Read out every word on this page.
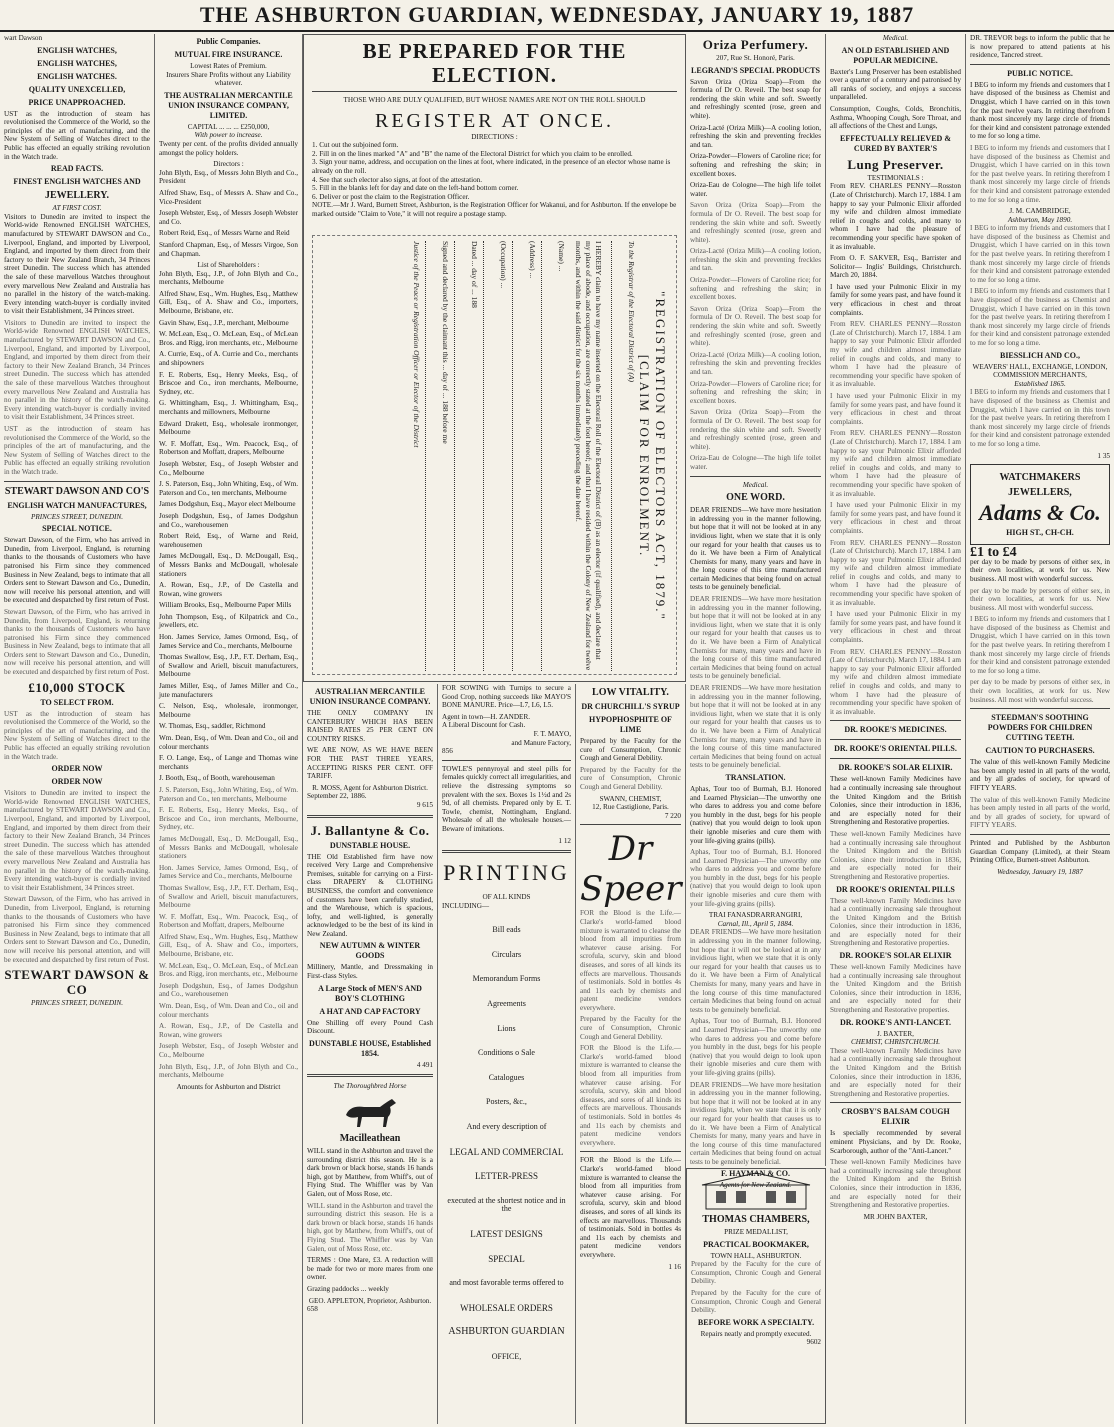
THE ASHBURTON GUARDIAN, WEDNESDAY, JANUARY 19, 1887
wart Dawson
ENGLISH WATCHES,
ENGLISH WATCHES,
ENGLISH WATCHES.
QUALITY UNEXCELLED,
PRICE UNAPPROACHED.

UST as the introduction of steam has revolutionised the Commerce of the World, so the principles of the art of manufacturing, and the New System of Selling of Watches direct to the Public has effected an equally striking revolution in the Watch trade.

READ FACTS.
FINEST ENGLISH WATCHES AND
JEWELLERY.
AT FIRST COST.

Visitors to Dunedin are invited to inspect the World-wide Renowned ENGLISH WATCHES, manufactured by STEWART DAWSON and Co., Liverpool, England, and imported by Liverpool, England, and imported by them direct from their factory to their New Zealand Branch, 34 Princes street Dunedin. The success which has attended the sale of these marvellous Watches throughout every marvellous New Zealand and Australia has no parallel in the history of the watch-making. Every intending watch-buyer is cordially invited to visit their Establishment, 34 Princes street.

Visitors to Dunedin are invited to inspect the World-wide Renowned ENGLISH WATCHES, manufactured by STEWART DAWSON and Co., Liverpool, England, and imported by Liverpool, England, and imported by them direct from their factory to their New Zealand Branch, 34 Princes street Dunedin. The success which has attended the sale of these marvellous Watches throughout every marvellous New Zealand and Australia has no parallel in the history of the watch-making. Every intending watch-buyer is cordially invited to visit their Establishment, 34 Princes street.

UST as the introduction of steam has revolutionised the Commerce of the World, so the principles of the art of manufacturing, and the New System of Selling of Watches direct to the Public has effected an equally striking revolution in the Watch trade.

STEWART DAWSON AND CO'S
ENGLISH WATCH MANUFACTURES,
PRINCES STREET, DUNEDIN.
SPECIAL NOTICE.

Stewart Dawson, of the Firm, who has arrived in Dunedin, from Liverpool, England, is returning thanks to the thousands of Customers who have patronised his Firm since they commenced Business in New Zealand, begs to intimate that all Orders sent to Stewart Dawson and Co., Dunedin, now will receive his personal attention, and will be executed and despatched by first return of Post.

Stewart Dawson, of the Firm, who has arrived in Dunedin, from Liverpool, England, is returning thanks to the thousands of Customers who have patronised his Firm since they commenced Business in New Zealand, begs to intimate that all Orders sent to Stewart Dawson and Co., Dunedin, now will receive his personal attention, and will be executed and despatched by first return of Post.

£10,000 STOCK
TO SELECT FROM.

UST as the introduction of steam has revolutionised the Commerce of the World, so the principles of the art of manufacturing, and the New System of Selling of Watches direct to the Public has effected an equally striking revolution in the Watch trade.

ORDER NOW
ORDER NOW

Visitors to Dunedin are invited to inspect the World-wide Renowned ENGLISH WATCHES, manufactured by STEWART DAWSON and Co., Liverpool, England, and imported by Liverpool, England, and imported by them direct from their factory to their New Zealand Branch, 34 Princes street Dunedin. The success which has attended the sale of these marvellous Watches throughout every marvellous New Zealand and Australia has no parallel in the history of the watch-making. Every intending watch-buyer is cordially invited to visit their Establishment, 34 Princes street.

Stewart Dawson, of the Firm, who has arrived in Dunedin, from Liverpool, England, is returning thanks to the thousands of Customers who have patronised his Firm since they commenced Business in New Zealand, begs to intimate that all Orders sent to Stewart Dawson and Co., Dunedin, now will receive his personal attention, and will be executed and despatched by first return of Post.

STEWART DAWSON & CO
PRINCES STREET, DUNEDIN.
Public Companies.
MUTUAL FIRE INSURANCE.
Lowest Rates of Premium.
Insurers Share Profits without any Liability whatever.
THE AUSTRALIAN MERCANTILE UNION INSURANCE COMPANY, LIMITED.
CAPITAL ... ... ... £250,000,
With power to increase.

Twenty per cent. of the profits divided annually amongst the policy holders.

Directors :

John Blyth, Esq., of Messrs John Blyth and Co., President

Alfred Shaw, Esq., of Messrs A. Shaw and Co., Vice-President

Joseph Webster, Esq., of Messrs Joseph Webster and Co.

Robert Reid, Esq., of Messrs Warne and Reid

Stanford Chapman, Esq., of Messrs Virgoe, Son and Chapman.

List of Shareholders :

John Blyth, Esq., J.P., of John Blyth and Co., merchants, Melbourne

Alfred Shaw, Esq., Wm. Hughes, Esq., Matthew Gill, Esq., of A. Shaw and Co., importers, Melbourne, Brisbane, etc.

Gavin Shaw, Esq., J.P., merchant, Melbourne

W. McLean, Esq., O. McLean, Esq., of McLean Bros. and Rigg, iron merchants, etc., Melbourne

A. Currie, Esq., of A. Currie and Co., merchants and shipowners

F. E. Roberts, Esq., Henry Meeks, Esq., of Briscoe and Co., iron merchants, Melbourne, Sydney, etc.

G. Whittingham, Esq., J. Whittingham, Esq., merchants and millowners, Melbourne

Edward Drakett, Esq., wholesale ironmonger, Melbourne

W. F. Moffatt, Esq., Wm. Peacock, Esq., of Robertson and Moffatt, drapers, Melbourne

Joseph Webster, Esq., of Joseph Webster and Co., Melbourne

J. S. Paterson, Esq., John Whiting, Esq., of Wm. Paterson and Co., ten merchants, Melbourne

James Dodgshun, Esq., Mayor elect Melbourne

Joseph Dodgshun, Esq., of James Dodgshun and Co., warehousemen

Robert Reid, Esq., of Warne and Reid, warehousemen

James McDougall, Esq., D. McDougall, Esq., of Messrs Banks and McDougall, wholesale stationers

A. Rowan, Esq., J.P., of De Castella and Rowan, wine growers

William Brooks, Esq., Melbourne Paper Mills

John Thompson, Esq., of Kilpatrick and Co., jewellers, etc.

Hon. James Service, James Ormond, Esq., of James Service and Co., merchants, Melbourne

Thomas Swallow, Esq., J.P., F.T. Derham, Esq., of Swallow and Ariell, biscuit manufacturers, Melbourne

James Miller, Esq., of James Miller and Co., jute manufacturers

C. Nelson, Esq., wholesale, ironmonger, Melbourne

W. Thomas, Esq., saddler, Richmond

Wm. Dean, Esq., of Wm. Dean and Co., oil and colour merchants

F. O. Lange, Esq., of Lange and Thomas wine merchants

J. Booth, Esq., of Booth, warehouseman

J. S. Paterson, Esq., John Whiting, Esq., of Wm. Paterson and Co., ten merchants, Melbourne

F. E. Roberts, Esq., Henry Meeks, Esq., of Briscoe and Co., iron merchants, Melbourne, Sydney, etc.

James McDougall, Esq., D. McDougall, Esq., of Messrs Banks and McDougall, wholesale stationers

Hon. James Service, James Ormond, Esq., of James Service and Co., merchants, Melbourne

Thomas Swallow, Esq., J.P., F.T. Derham, Esq., of Swallow and Ariell, biscuit manufacturers, Melbourne

W. F. Moffatt, Esq., Wm. Peacock, Esq., of Robertson and Moffatt, drapers, Melbourne

Alfred Shaw, Esq., Wm. Hughes, Esq., Matthew Gill, Esq., of A. Shaw and Co., importers, Melbourne, Brisbane, etc.

W. McLean, Esq., O. McLean, Esq., of McLean Bros. and Rigg, iron merchants, etc., Melbourne

Joseph Dodgshun, Esq., of James Dodgshun and Co., warehousemen

Wm. Dean, Esq., of Wm. Dean and Co., oil and colour merchants

A. Rowan, Esq., J.P., of De Castella and Rowan, wine growers

Joseph Webster, Esq., of Joseph Webster and Co., Melbourne

John Blyth, Esq., J.P., of John Blyth and Co., merchants, Melbourne

Amounts for Ashburton and District
BE PREPARED FOR THE ELECTION.
THOSE WHO ARE DULY QUALIFIED, BUT WHOSE NAMES ARE NOT ON THE ROLL SHOULD
REGISTER AT ONCE.
DIRECTIONS :
1. Cut out the subjoined form.
2. Fill in on the lines marked "A" and "B" the name of the Electoral District for which you claim to be enrolled.
3. Sign your name, address, and occupation on the lines at foot, where indicated, in the presence of an elector whose name is already on the roll.
4. See that such elector also signs, at foot of the attestation.
5. Fill in the blanks left for day and date on the left-hand bottom corner.
6. Deliver or post the claim to the Registration Officer.
NOTE.—Mr J. Ward, Burnett Street, Ashburton, is the Registration Officer for Wakanui, and for Ashburton. If the envelope be marked outside "Claim to Vote," it will not require a postage stamp.
"REGISTRATION OF ELECTORS ACT, 1879."
[CLAIM FOR ENROLMENT.
To the Registrar of the Electoral District of (A)

I HEREBY claim to have my name inserted on the Electoral Roll of the Electoral District of (B) as an elector (if qualified), and declare that my place of abode, and occupation, are correctly stated at the foot hereof; and that I have resided within the Colony of New Zealand for twelve months, and within the said district for the six months immediately preceding the date hereof.

(Name) ...
(Address) ...
(Occupation) ...
Dated ... day of ... 188
Signed and declared by the claimant this ... day of ... 188 before me
Justice of the Peace or Registration Officer or Elector of the District
AUSTRALIAN MERCANTILE UNION INSURANCE COMPANY.

THE ONLY COMPANY IN CANTERBURY WHICH HAS BEEN RAISED RATES 25 PER CENT ON COUNTRY RISKS.

WE ARE NOW, AS WE HAVE BEEN FOR THE PAST THREE YEARS, ACCEPTING RISKS PER CENT. OFF TARIFF.

R. MOSS, Agent for Ashburton District.
September 22, 1886.
9 615
J. Ballantyne & Co.
DUNSTABLE HOUSE.

THE Old Established firm have now received Very Large and Comprehensive Premises, suitable for carrying on a First-class DRAPERY & CLOTHING BUSINESS, the comfort and convenience of customers have been carefully studied, and the Warehouse, which is spacious, lofty, and well-lighted, is generally acknowledged to be the best of its kind in New Zealand.

NEW AUTUMN & WINTER GOODS

Millinery, Mantle, and Dressmaking in First-class Styles.

A Large Stock of MEN'S AND BOY'S CLOTHING
A HAT AND CAP FACTORY

One Shilling off every Pound Cash Discount.

DUNSTABLE HOUSE, Established 1854.
4 491
The Thoroughbred Horse
Macilleathean

WILL stand in the Ashburton and travel the surrounding district this season. He is a dark brown or black horse, stands 16 hands high, got by Matthew, from Whiff's, out of Flying Stud. The Whiffler was by Van Galen, out of Moss Rose, etc.

WILL stand in the Ashburton and travel the surrounding district this season. He is a dark brown or black horse, stands 16 hands high, got by Matthew, from Whiff's, out of Flying Stud. The Whiffler was by Van Galen, out of Moss Rose, etc.

TERMS : One Mare, £3. A reduction will be made for two or more mares from one owner.

Grazing paddocks ... weekly

GEO. APPLETON, Proprietor, Ashburton.
658

FOR SOWING with Turnips to secure a Good Crop, nothing succeeds like MAYO'S BONE MANURE. Price—L7, L6, L5.

Agent in town—H. ZANDER.
A Liberal Discount for Cash.
F. T. MAYO,
and Manure Factory,
856

TOWLE'S pennyroyal and steel pills for females quickly correct all irregularities, and relieve the distressing symptoms so prevalent with the sex. Boxes 1s 1½d and 2s 9d, of all chemists. Prepared only by E. T. Towle, chemist, Nottingham, England. Wholesale of all the wholesale houses.—Beware of imitations.

1 12
PRINTING
OF ALL KINDS
INCLUDING—
Bill eads
Circulars
Memorandum Forms
Agreements
Lions
Conditions o Sale
Catalogues
Posters, &c.,
And every description of
LEGAL AND COMMERCIAL
LETTER-PRESS
executed at the shortest notice and in the
LATEST DESIGNS
SPECIAL
and most favorable terms offered to
WHOLESALE ORDERS
ASHBURTON GUARDIAN
OFFICE,
LOW VITALITY.
DR CHURCHILL'S SYRUP
HYPOPHOSPHITE OF LIME

Prepared by the Faculty for the cure of Consumption, Chronic Cough and General Debility.

Prepared by the Faculty for the cure of Consumption, Chronic Cough and General Debility.

SWANN, CHEMIST,
12, Rue Castiglione, Paris.
7 220
Dr Speer

FOR the Blood is the Life.—Clarke's world-famed blood mixture is warranted to cleanse the blood from all impurities from whatever cause arising. For scrofula, scurvy, skin and blood diseases, and sores of all kinds its effects are marvellous. Thousands of testimonials. Sold in bottles 4s and 11s each by chemists and patent medicine vendors everywhere.

Prepared by the Faculty for the cure of Consumption, Chronic Cough and General Debility.

FOR the Blood is the Life.—Clarke's world-famed blood mixture is warranted to cleanse the blood from all impurities from whatever cause arising. For scrofula, scurvy, skin and blood diseases, and sores of all kinds its effects are marvellous. Thousands of testimonials. Sold in bottles 4s and 11s each by chemists and patent medicine vendors everywhere.

FOR the Blood is the Life.—Clarke's world-famed blood mixture is warranted to cleanse the blood from all impurities from whatever cause arising. For scrofula, scurvy, skin and blood diseases, and sores of all kinds its effects are marvellous. Thousands of testimonials. Sold in bottles 4s and 11s each by chemists and patent medicine vendors everywhere.

1 16
THOMAS CHAMBERS,
PRIZE MEDALLIST,
PRACTICAL BOOKMAKER,
TOWN HALL, ASHBURTON.

Prepared by the Faculty for the cure of Consumption, Chronic Cough and General Debility.

Prepared by the Faculty for the cure of Consumption, Chronic Cough and General Debility.

BEFORE WORK A SPECIALTY.
Repairs neatly and promptly executed.
9602
Oriza Perfumery.
207, Rue St. Honoré, Paris.
LEGRAND'S SPECIAL PRODUCTS

Savon Oriza (Oriza Soap)—From the formula of Dr O. Reveil. The best soap for rendering the skin white and soft. Sweetly and refreshingly scented (rose, green and white).

Oriza-Lacté (Oriza Milk)—A cooling lotion, refreshing the skin and preventing freckles and tan.

Oriza-Powder—Flowers of Caroline rice; for softening and refreshing the skin; in excellent boxes.

Oriza-Eau de Cologne—The high life toilet water.

Savon Oriza (Oriza Soap)—From the formula of Dr O. Reveil. The best soap for rendering the skin white and soft. Sweetly and refreshingly scented (rose, green and white).

Oriza-Lacté (Oriza Milk)—A cooling lotion, refreshing the skin and preventing freckles and tan.

Oriza-Powder—Flowers of Caroline rice; for softening and refreshing the skin; in excellent boxes.

Savon Oriza (Oriza Soap)—From the formula of Dr O. Reveil. The best soap for rendering the skin white and soft. Sweetly and refreshingly scented (rose, green and white).

Oriza-Lacté (Oriza Milk)—A cooling lotion, refreshing the skin and preventing freckles and tan.

Oriza-Powder—Flowers of Caroline rice; for softening and refreshing the skin; in excellent boxes.

Savon Oriza (Oriza Soap)—From the formula of Dr O. Reveil. The best soap for rendering the skin white and soft. Sweetly and refreshingly scented (rose, green and white).

Oriza-Eau de Cologne—The high life toilet water.

Medical.
ONE WORD.

DEAR FRIENDS—We have more hesitation in addressing you in the manner following, but hope that it will not be looked at in any invidious light, when we state that it is only our regard for your health that causes us to do it. We have been a Firm of Analytical Chemists for many, many years and have in the long course of this time manufactured certain Medicines that being found on actual tests to be genuinely beneficial.

DEAR FRIENDS—We have more hesitation in addressing you in the manner following, but hope that it will not be looked at in any invidious light, when we state that it is only our regard for your health that causes us to do it. We have been a Firm of Analytical Chemists for many, many years and have in the long course of this time manufactured certain Medicines that being found on actual tests to be genuinely beneficial.

DEAR FRIENDS—We have more hesitation in addressing you in the manner following, but hope that it will not be looked at in any invidious light, when we state that it is only our regard for your health that causes us to do it. We have been a Firm of Analytical Chemists for many, many years and have in the long course of this time manufactured certain Medicines that being found on actual tests to be genuinely beneficial.

TRANSLATION.

Aphas, Tour too of Burmah, B.I. Honored and Learned Physician—The unworthy one who dares to address you and come before you humbly in the dust, begs for his people (native) that you would deign to look upon their ignoble miseries and cure them with your life-giving grains (pills).

Aphas, Tour too of Burmah, B.I. Honored and Learned Physician—The unworthy one who dares to address you and come before you humbly in the dust, begs for his people (native) that you would deign to look upon their ignoble miseries and cure them with your life-giving grains (pills).

TRAI FANASDRARRANGIRI,
Carnal, Ill., April 5, 1884.

DEAR FRIENDS—We have more hesitation in addressing you in the manner following, but hope that it will not be looked at in any invidious light, when we state that it is only our regard for your health that causes us to do it. We have been a Firm of Analytical Chemists for many, many years and have in the long course of this time manufactured certain Medicines that being found on actual tests to be genuinely beneficial.

Aphas, Tour too of Burmah, B.I. Honored and Learned Physician—The unworthy one who dares to address you and come before you humbly in the dust, begs for his people (native) that you would deign to look upon their ignoble miseries and cure them with your life-giving grains (pills).

DEAR FRIENDS—We have more hesitation in addressing you in the manner following, but hope that it will not be looked at in any invidious light, when we state that it is only our regard for your health that causes us to do it. We have been a Firm of Analytical Chemists for many, many years and have in the long course of this time manufactured certain Medicines that being found on actual tests to be genuinely beneficial.

F. HAYMAN & CO.
Agents for New Zealand.
Medical.
AN OLD ESTABLISHED AND POPULAR MEDICINE.

Baxter's Lung Preserver has been established over a quarter of a century and patronised by all ranks of society, and enjoys a success unparalleled.

Consumption, Coughs, Colds, Bronchitis, Asthma, Whooping Cough, Sore Throat, and all affections of the Chest and Lungs,

EFFECTUALLY RELIEVED & CURED BY BAXTER'S
Lung Preserver.
TESTIMONIALS :

From REV. CHARLES PENNY—Rosston (Late of Christchurch). March 17, 1884. I am happy to say your Pulmonic Elixir afforded my wife and children almost immediate relief in coughs and colds, and many to whom I have had the pleasure of recommending your specific have spoken of it as invaluable.

From O. F. SAKVER, Esq., Barrister and Solicitor— Inglis' Buildings, Christchurch. March 20, 1884.

I have used your Pulmonic Elixir in my family for some years past, and have found it very efficacious in chest and throat complaints.

From REV. CHARLES PENNY—Rosston (Late of Christchurch). March 17, 1884. I am happy to say your Pulmonic Elixir afforded my wife and children almost immediate relief in coughs and colds, and many to whom I have had the pleasure of recommending your specific have spoken of it as invaluable.

I have used your Pulmonic Elixir in my family for some years past, and have found it very efficacious in chest and throat complaints.

From REV. CHARLES PENNY—Rosston (Late of Christchurch). March 17, 1884. I am happy to say your Pulmonic Elixir afforded my wife and children almost immediate relief in coughs and colds, and many to whom I have had the pleasure of recommending your specific have spoken of it as invaluable.

I have used your Pulmonic Elixir in my family for some years past, and have found it very efficacious in chest and throat complaints.

From REV. CHARLES PENNY—Rosston (Late of Christchurch). March 17, 1884. I am happy to say your Pulmonic Elixir afforded my wife and children almost immediate relief in coughs and colds, and many to whom I have had the pleasure of recommending your specific have spoken of it as invaluable.

I have used your Pulmonic Elixir in my family for some years past, and have found it very efficacious in chest and throat complaints.

From REV. CHARLES PENNY—Rosston (Late of Christchurch). March 17, 1884. I am happy to say your Pulmonic Elixir afforded my wife and children almost immediate relief in coughs and colds, and many to whom I have had the pleasure of recommending your specific have spoken of it as invaluable.

DR. ROOKE'S MEDICINES.
DR. ROOKE'S ORIENTAL PILLS.
DR. ROOKE'S SOLAR ELIXIR.

These well-known Family Medicines have had a continually increasing sale throughout the United Kingdom and the British Colonies, since their introduction in 1836, and are especially noted for their Strengthening and Restorative properties.

These well-known Family Medicines have had a continually increasing sale throughout the United Kingdom and the British Colonies, since their introduction in 1836, and are especially noted for their Strengthening and Restorative properties.

DR ROOKE'S ORIENTAL PILLS

These well-known Family Medicines have had a continually increasing sale throughout the United Kingdom and the British Colonies, since their introduction in 1836, and are especially noted for their Strengthening and Restorative properties.

DR. ROOKE'S SOLAR ELIXIR

These well-known Family Medicines have had a continually increasing sale throughout the United Kingdom and the British Colonies, since their introduction in 1836, and are especially noted for their Strengthening and Restorative properties.

DR. ROOKE'S ANTI-LANCET.
J. BAXTER,
CHEMIST, CHRISTCHURCH.

These well-known Family Medicines have had a continually increasing sale throughout the United Kingdom and the British Colonies, since their introduction in 1836, and are especially noted for their Strengthening and Restorative properties.

CROSBY'S BALSAM COUGH ELIXIR

Is specially recommended by several eminent Physicians, and by Dr. Rooke, Scarborough, author of the "Anti-Lancet."

These well-known Family Medicines have had a continually increasing sale throughout the United Kingdom and the British Colonies, since their introduction in 1836, and are especially noted for their Strengthening and Restorative properties.

MR JOHN BAXTER,

DR. TREVOR begs to inform the public that he is now prepared to attend patients at his residence, Tancred street.

PUBLIC NOTICE.

I BEG to inform my friends and customers that I have disposed of the business as Chemist and Druggist, which I have carried on in this town for the past twelve years. In retiring therefrom I thank most sincerely my large circle of friends for their kind and consistent patronage extended to me for so long a time.

I BEG to inform my friends and customers that I have disposed of the business as Chemist and Druggist, which I have carried on in this town for the past twelve years. In retiring therefrom I thank most sincerely my large circle of friends for their kind and consistent patronage extended to me for so long a time.

J. M. CAMBRIDGE,
Ashburton, May 1890.

I BEG to inform my friends and customers that I have disposed of the business as Chemist and Druggist, which I have carried on in this town for the past twelve years. In retiring therefrom I thank most sincerely my large circle of friends for their kind and consistent patronage extended to me for so long a time.

I BEG to inform my friends and customers that I have disposed of the business as Chemist and Druggist, which I have carried on in this town for the past twelve years. In retiring therefrom I thank most sincerely my large circle of friends for their kind and consistent patronage extended to me for so long a time.

BIESSLICH AND CO.,
WEAVERS' HALL, EXCHANGE, LONDON,
COMMISSION MERCHANTS,
Established 1865.

I BEG to inform my friends and customers that I have disposed of the business as Chemist and Druggist, which I have carried on in this town for the past twelve years. In retiring therefrom I thank most sincerely my large circle of friends for their kind and consistent patronage extended to me for so long a time.

1 35
WATCHMAKERS
JEWELLERS,
Adams & Co.
HIGH ST., CH-CH.
£1 to £4

per day to be made by persons of either sex, in their own localities, at work for us. New business. All most with wonderful success.

per day to be made by persons of either sex, in their own localities, at work for us. New business. All most with wonderful success.

I BEG to inform my friends and customers that I have disposed of the business as Chemist and Druggist, which I have carried on in this town for the past twelve years. In retiring therefrom I thank most sincerely my large circle of friends for their kind and consistent patronage extended to me for so long a time.

per day to be made by persons of either sex, in their own localities, at work for us. New business. All most with wonderful success.

STEEDMAN'S SOOTHING POWDERS FOR CHILDREN CUTTING TEETH.
CAUTION TO PURCHASERS.

The value of this well-known Family Medicine has been amply tested in all parts of the world, and by all grades of society, for upward of FIFTY YEARS.

The value of this well-known Family Medicine has been amply tested in all parts of the world, and by all grades of society, for upward of FIFTY YEARS.

Printed and Published by the Ashburton Guardian Company (Limited), at their Steam Printing Office, Burnett-street Ashburton.

Wednesday, January 19, 1887
